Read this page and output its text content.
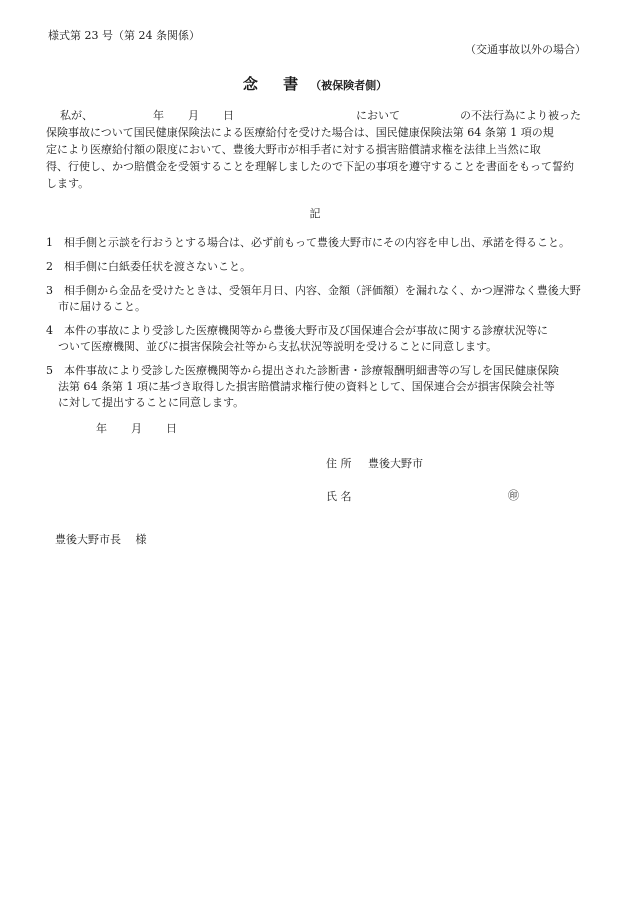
様式第 23 号（第 24 条関係）
（交通事故以外の場合）
念 書 （被保険者側）
私が、	年 月 日	において	の不法行為により被った
保険事故について国民健康保険法による医療給付を受けた場合は、国民健康保険法第 64 条第 1 項の規
定により医療給付額の限度において、豊後大野市が相手者に対する損害賠償請求権を法律上当然に取
得、行使し、かつ賠償金を受領することを理解しましたので下記の事項を遵守することを書面をもって誓約
します。
記
1　相手側と示談を行おうとする場合は、必ず前もって豊後大野市にその内容を申し出、承諾を得ること。
2　相手側に白紙委任状を渡さないこと。
3　相手側から金品を受けたときは、受領年月日、内容、金額（評価額）を漏れなく、かつ遅滞なく豊後大野
市に届けること。
4　本件の事故により受診した医療機関等から豊後大野市及び国保連合会が事故に関する診療状況等に
ついて医療機関、並びに損害保険会社等から支払状況等説明を受けることに同意します。
5　本件事故により受診した医療機関等から提出された診断書・診療報酬明細書等の写しを国民健康保険
法第 64 条第 1 項に基づき取得した損害賠償請求権行使の資料として、国保連合会が損害保険会社等
に対して提出することに同意します。
年 月 日
住 所 豊後大野市
氏 名	㊞
豊後大野市長　 様
